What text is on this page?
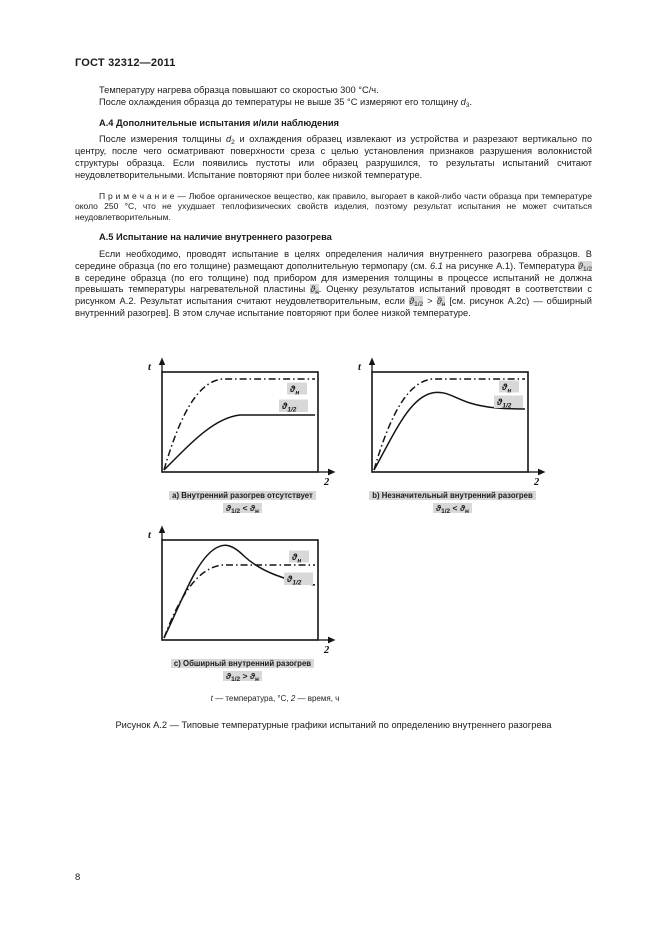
ГОСТ 32312—2011

Температуру нагрева образца повышают со скоростью 300 °С/ч.

После охлаждения образца до температуры не выше 35 °С измеряют его толщину $d_3$.

А.4 Дополнительные испытания и/или наблюдения

После измерения толщины $d_2$ и охлаждения образец извлекают из устройства и разрезают вертикально по центру, после чего осматривают поверхности среза с целью установления признаков разрушения волокнистой структуры образца. Если появились пустоты или образец разрушился, то результаты испытаний считают неудовлетворительными. Испытание повторяют при более низкой температуре.

П р и м е ч а н и е — Любое органическое вещество, как правило, выгорает в какой-либо части образца при температуре около 250 °С, что не ухудшает теплофизических свойств изделия, поэтому результат испытания не может считаться неудовлетворительным.

А.5 Испытание на наличие внутреннего разогрева

Если необходимо, проводят испытание в целях определения наличия внутреннего разогрева образцов. В середине образца (по его толщине) размещают дополнительную термопару (см. 6.1 на рисунке А.1). Температура $ϑ_{1/2}$ в середине образца (по его толщине) под прибором для измерения толщины в процессе испытаний не должна превышать температуры нагревательной пластины $ϑ_н$. Оценку результатов испытаний проводят в соответствии с рисунком А.2. Результат испытания считают неудовлетворительным, если $ϑ_{1/2} > ϑ_н$ [см. рисунок А.2с) — обширный внутренний разогрев]. В этом случае испытание повторяют при более низкой температуре.

t
2
$ϑ_н$
$ϑ_{1/2}$
а) Внутренний разогрев отсутствует
$ϑ_{1/2} < ϑ_н$
t
2
$ϑ_н$
$ϑ_{1/2}$
b) Незначительный внутренний разогрев
$ϑ_{1/2} < ϑ_н$
t
2
$ϑ_н$
$ϑ_{1/2}$
с) Обширный внутренний разогрев
$ϑ_{1/2} > ϑ_н$
t — температура, °С, 2 — время, ч
Рисунок А.2 — Типовые температурные графики испытаний по определению внутреннего разогрева
8
